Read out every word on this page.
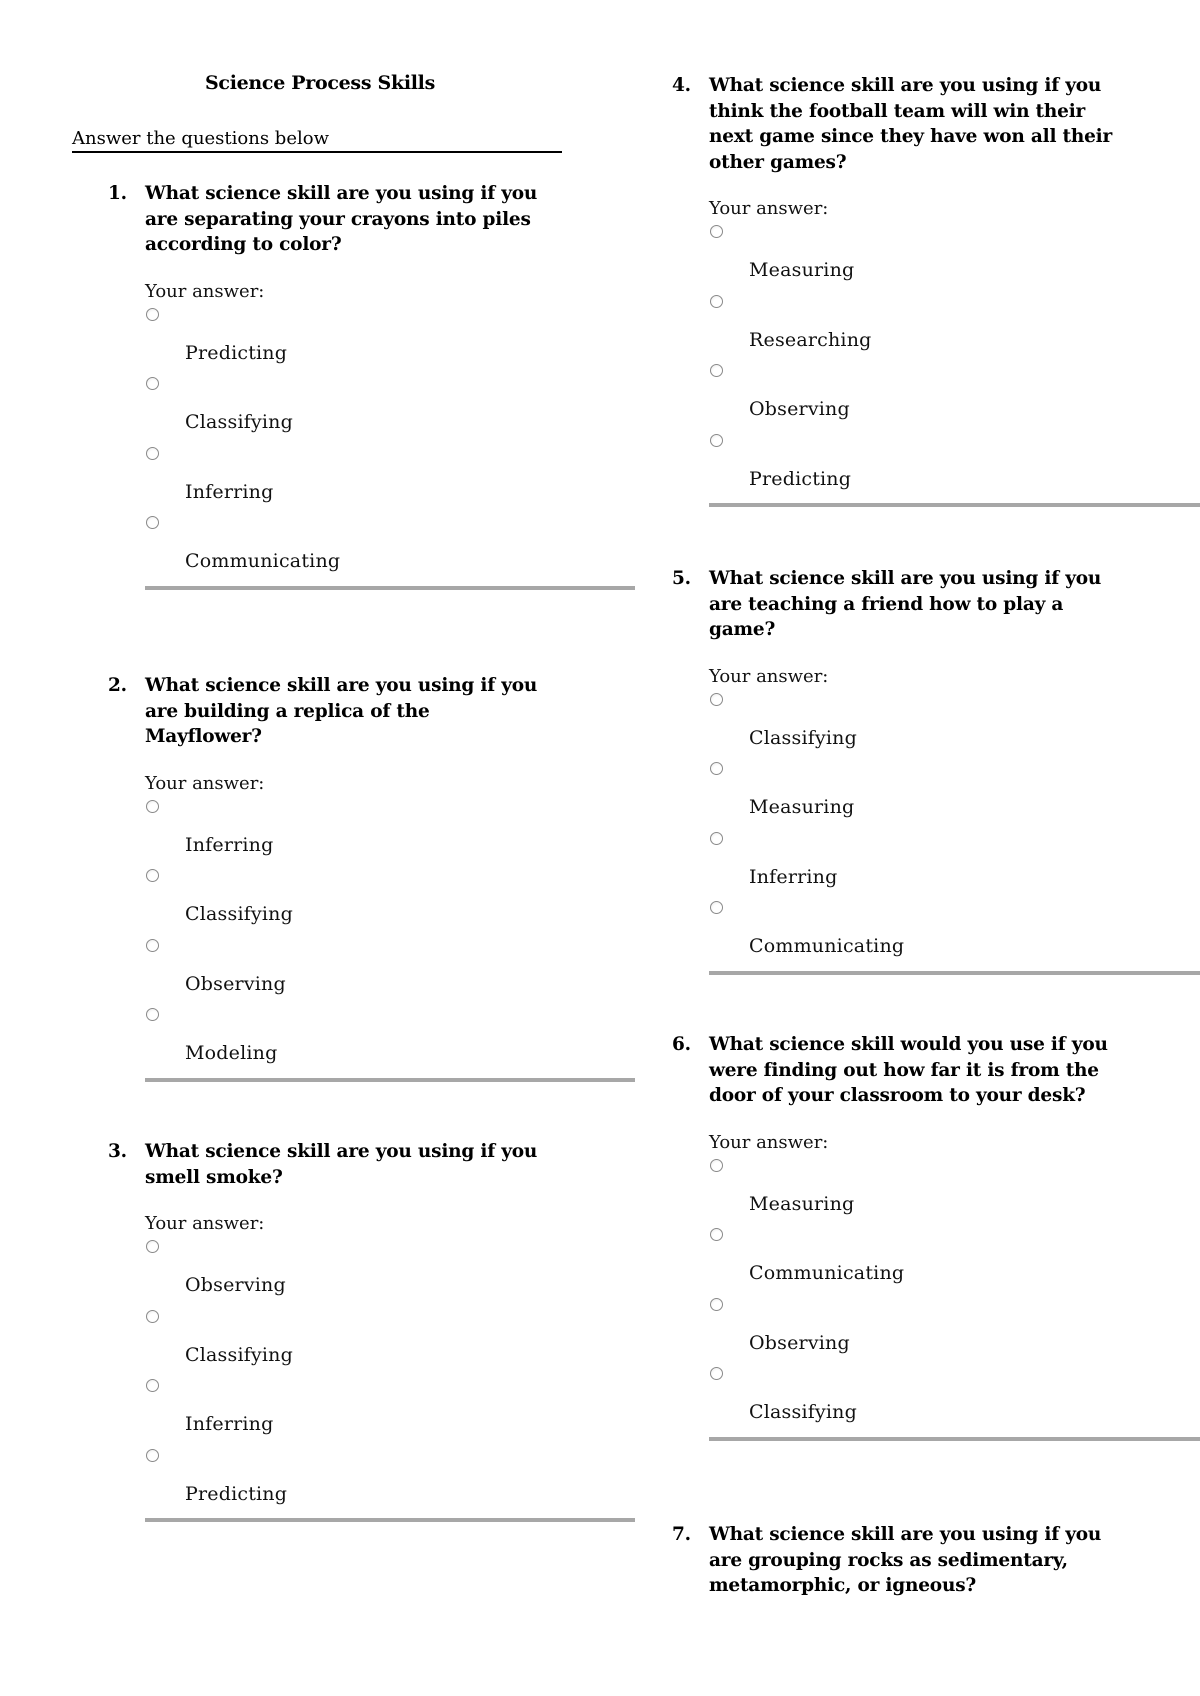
Science Process Skills
Answer the questions below
1. What science skill are you using if you are separating your crayons into piles according to color?
Your answer:
Predicting
Classifying
Inferring
Communicating
2. What science skill are you using if you are building a replica of the Mayflower?
Your answer:
Inferring
Classifying
Observing
Modeling
3. What science skill are you using if you smell smoke?
Your answer:
Observing
Classifying
Inferring
Predicting
4. What science skill are you using if you think the football team will win their next game since they have won all their other games?
Your answer:
Measuring
Researching
Observing
Predicting
5. What science skill are you using if you are teaching a friend how to play a game?
Your answer:
Classifying
Measuring
Inferring
Communicating
6. What science skill would you use if you were finding out how far it is from the door of your classroom to your desk?
Your answer:
Measuring
Communicating
Observing
Classifying
7. What science skill are you using if you are grouping rocks as sedimentary, metamorphic, or igneous?
